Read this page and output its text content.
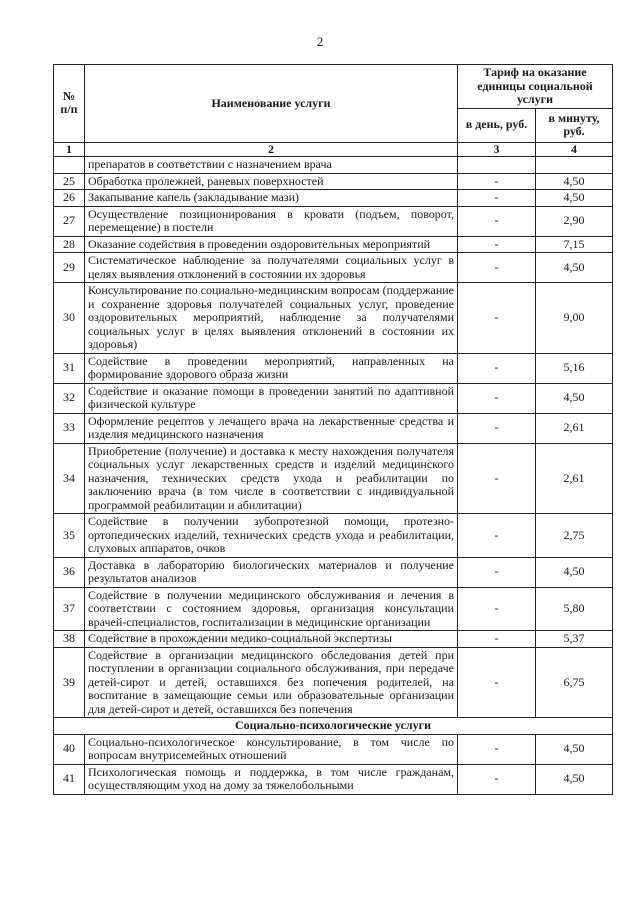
2
№ п/п	Наименование услуги	Тариф на оказание единицы социальной услуги	
		в день, руб.	в минуту, руб.
1	2	3	4
	препаратов в соответствии с назначением врача		
25	Обработка пролежней, раневых поверхностей	-	4,50
26	Закапывание капель (закладывание мази)	-	4,50
27	Осуществление позиционирования в кровати (подъем, поворот, перемещение) в постели	-	2,90
28	Оказание содействия в проведении оздоровительных мероприятий	-	7,15
29	Систематическое наблюдение за получателями социальных услуг в целях выявления отклонений в состоянии их здоровья	-	4,50
30	Консультирование по социально-медицинским вопросам (поддержание и сохранение здоровья получателей социальных услуг, проведение оздоровительных мероприятий, наблюдение за получателями социальных услуг в целях выявления отклонений в состоянии их здоровья)	-	9,00
31	Содействие в проведении мероприятий, направленных на формирование здорового образа жизни	-	5,16
32	Содействие и оказание помощи в проведении занятий по адаптивной физической культуре	-	4,50
33	Оформление рецептов у лечащего врача на лекарственные средства и изделия медицинского назначения	-	2,61
34	Приобретение (получение) и доставка к месту нахождения получателя социальных услуг лекарственных средств и изделий медицинского назначения, технических средств ухода и реабилитации по заключению врача (в том числе в соответствии с индивидуальной программой реабилитации и абилитации)	-	2,61
35	Содействие в получении зубопротезной помощи, протезно-ортопедических изделий, технических средств ухода и реабилитации, слуховых аппаратов, очков	-	2,75
36	Доставка в лабораторию биологических материалов и получение результатов анализов	-	4,50
37	Содействие в получении медицинского обслуживания и лечения в соответствии с состоянием здоровья, организация консультации врачей-специалистов, госпитализации в медицинские организации	-	5,80
38	Содействие в прохождении медико-социальной экспертизы	-	5,37
39	Содействие в организации медицинского обследования детей при поступлении в организации социального обслуживания, при передаче детей-сирот и детей, оставшихся без попечения родителей, на воспитание в замещающие семьи или образовательные организации для детей-сирот и детей, оставшихся без попечения	-	6,75
Социально-психологические услуги			
40	Социально-психологическое консультирование, в том числе по вопросам внутрисемейных отношений	-	4,50
41	Психологическая помощь и поддержка, в том числе гражданам, осуществляющим уход на дому за тяжелобольными	-	4,50
